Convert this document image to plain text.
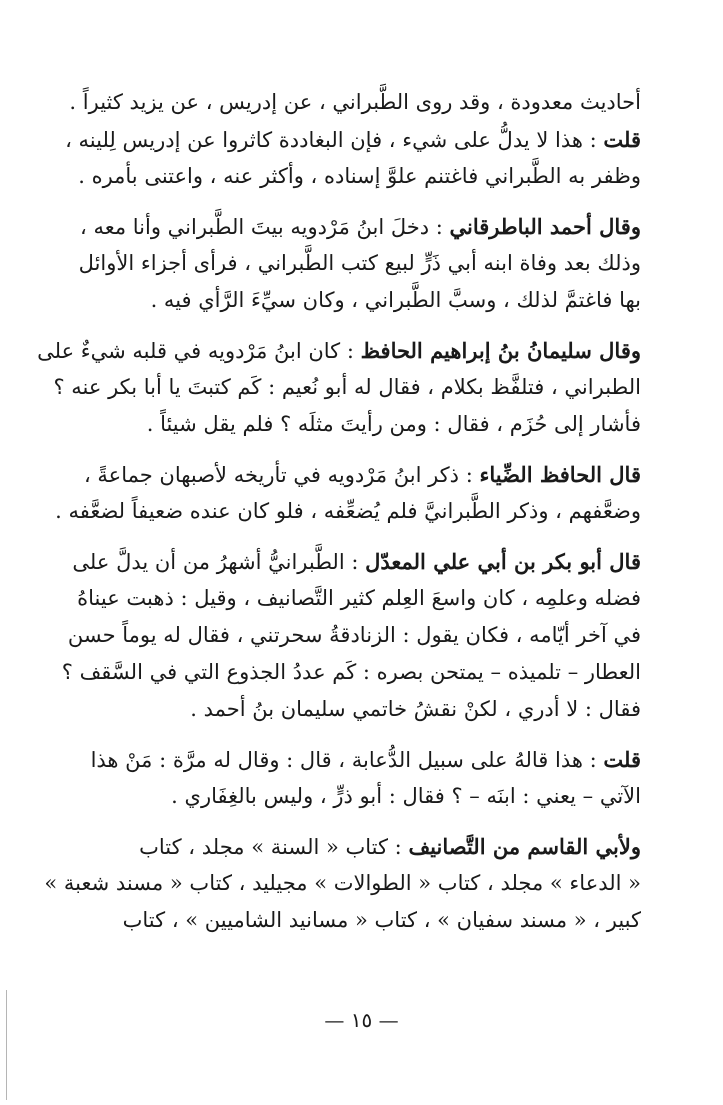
أحاديث معدودة ، وقد روى الطَّبراني ، عن إدريس ، عن يزيد كثيراً .
قلت : هذا لا يدلُّ على شيء ، فإن البغاددة كاثروا عن إدريس لِلينه ،
وظفر به الطَّبراني فاغتنم علوَّ إسناده ، وأكثر عنه ، واعتنى بأمره .
وقال أحمد الباطرقاني : دخلَ ابنُ مَرْدويه بيتَ الطَّبراني وأنا معه ،
وذلك بعد وفاة ابنه أبي ذَرٍّ لبيع كتب الطَّبراني ، فرأى أجزاء الأوائل
بها فاغتمَّ لذلك ، وسبَّ الطَّبراني ، وكان سيِّءَ الرَّأي فيه .
وقال سليمانُ بنُ إبراهيم الحافظ : كان ابنُ مَرْدويه في قلبه شيءٌ على
الطبراني ، فتلفَّظ بكلام ، فقال له أبو نُعيم : كَم كتبتَ يا أبا بكر عنه ؟
فأشار إلى حُزَم ، فقال : ومن رأيتَ مثلَه ؟ فلم يقل شيئاً .
قال الحافظ الضِّياء : ذكر ابنُ مَرْدويه في تأريخه لأصبهان جماعةً ،
وضعَّفهم ، وذكر الطَّبرانيَّ فلم يُضعِّفه ، فلو كان عنده ضعيفاً لضعَّفه .
قال أبو بكر بن أبي علي المعدّل : الطَّبرانيُّ أشهرُ من أن يدلَّ على
فضله وعلمِه ، كان واسعَ العِلم كثير التَّصانيف ، وقيل : ذهبت عيناهُ
في آخر أيّامه ، فكان يقول : الزنادقةُ سحرتني ، فقال له يوماً حسن
العطار – تلميذه – يمتحن بصره : كَم عددُ الجذوع التي في السَّقف ؟
فقال : لا أدري ، لكنْ نقشُ خاتمي سليمان بنُ أحمد .
قلت : هذا قالهُ على سبيل الدُّعابة ، قال : وقال له مرَّة : مَنْ هذا
الآتي – يعني : ابنَه – ؟ فقال : أبو ذرٍّ ، وليس بالغِفَاري .
ولأبي القاسم من التَّصانيف : كتاب « السنة » مجلد ، كتاب
« الدعاء » مجلد ، كتاب « الطوالات » مجيليد ، كتاب « مسند شعبة »
كبير ، « مسند سفيان » ، كتاب « مسانيد الشاميين » ، كتاب
— ١٥ —
